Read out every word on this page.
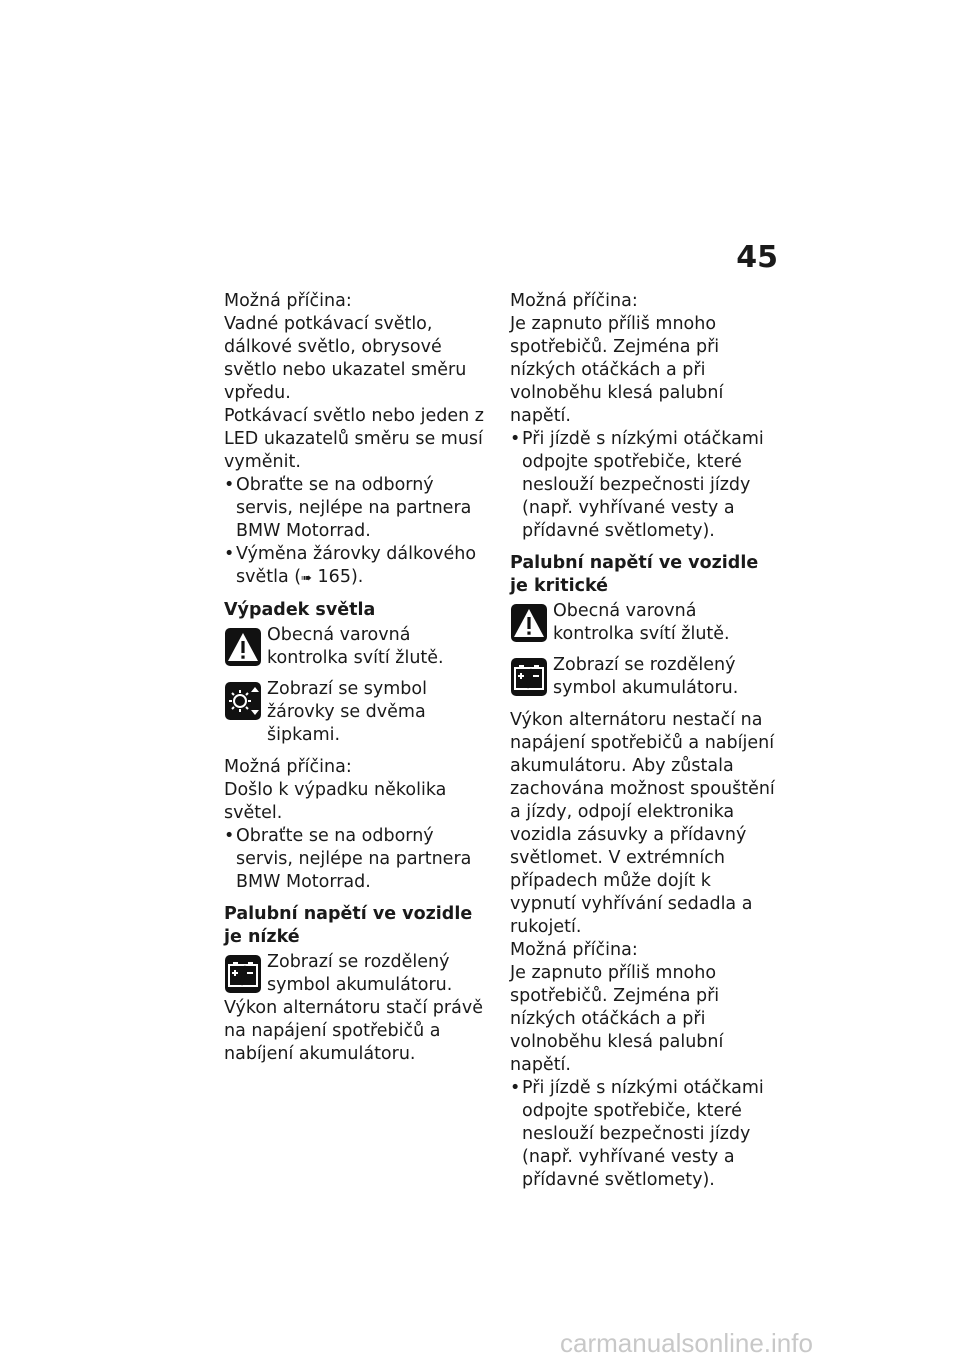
45

Možná příčina:

Vadné potkávací světlo, dálkové světlo, obrysové světlo nebo ukazatel směru vpředu.

Potkávací světlo nebo jeden z LED ukazatelů směru se musí vyměnit.

• Obraťte se na odborný servis, nejlépe na partnera BMW Motorrad.

• Výměna žárovky dálkového světla (➠ 165).

Výpadek světla

Obecná varovná kontrolka svítí žlutě.
Zobrazí se symbol žárovky se dvěma šipkami.

Možná příčina:

Došlo k výpadku několika světel.

• Obraťte se na odborný servis, nejlépe na partnera BMW Motorrad.

Palubní napětí ve vozidle je nízké

Zobrazí se rozdělený symbol akumulátoru.

Výkon alternátoru stačí právě na napájení spotřebičů a nabíjení akumulátoru.

Možná příčina:

Je zapnuto příliš mnoho spotřebičů. Zejména při nízkých otáčkách a při volnoběhu klesá palubní napětí.

• Při jízdě s nízkými otáčkami odpojte spotřebiče, které neslouží bezpečnosti jízdy (např. vyhřívané vesty a přídavné světlomety).

Palubní napětí ve vozidle je kritické

Obecná varovná kontrolka svítí žlutě.
Zobrazí se rozdělený symbol akumulátoru.

Výkon alternátoru nestačí na napájení spotřebičů a nabíjení akumulátoru. Aby zůstala zachována možnost spouštění a jízdy, odpojí elektronika vozidla zásuvky a přídavný světlomet. V extrémních případech může dojít k vypnutí vyhřívání sedadla a rukojetí.

Možná příčina:

Je zapnuto příliš mnoho spotřebičů. Zejména při nízkých otáčkách a při volnoběhu klesá palubní napětí.

• Při jízdě s nízkými otáčkami odpojte spotřebiče, které neslouží bezpečnosti jízdy (např. vyhřívané vesty a přídavné světlomety).

carmanualsonline.info
